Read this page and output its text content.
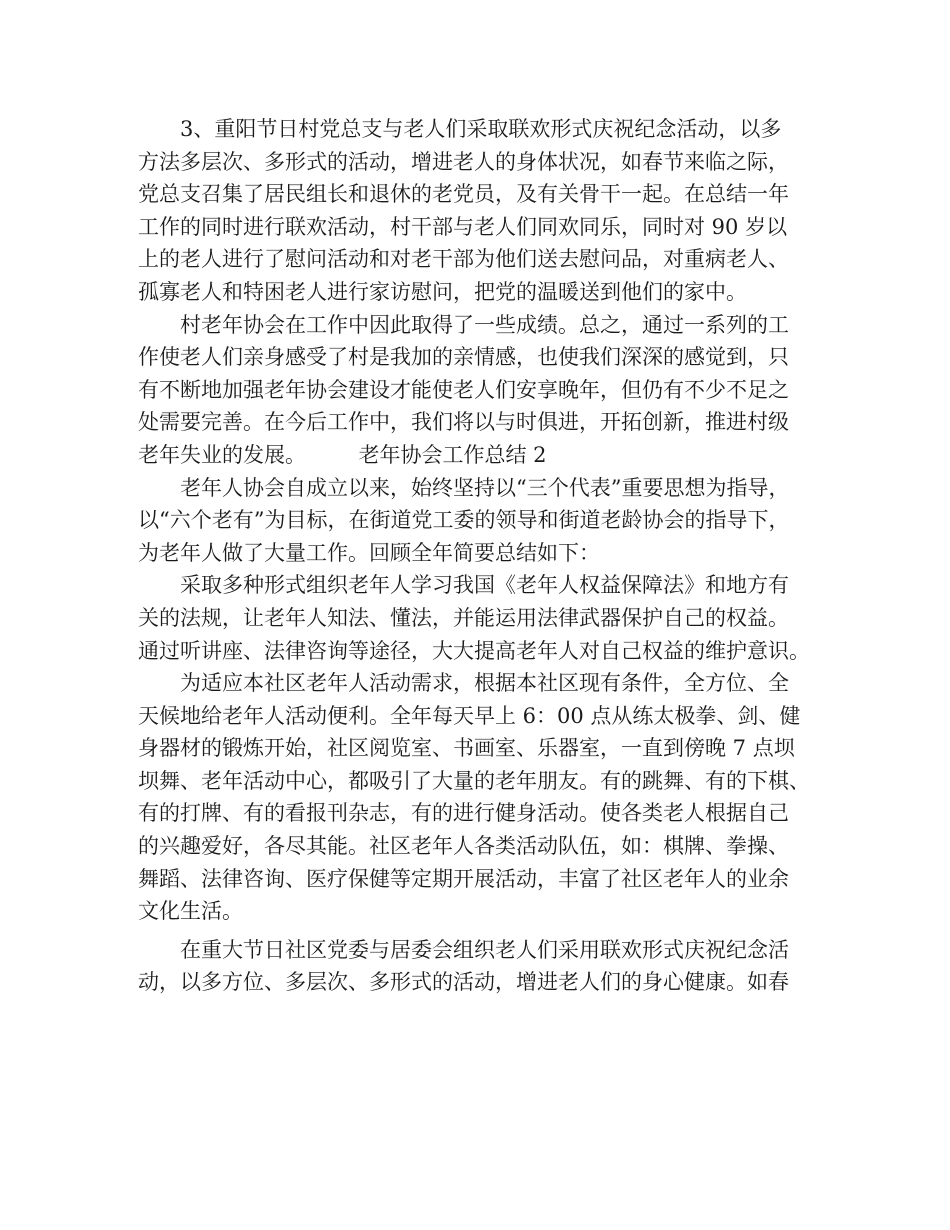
3、重阳节日村党总支与老人们采取联欢形式庆祝纪念活动，以多
方法多层次、多形式的活动，增进老人的身体状况，如春节来临之际，
党总支召集了居民组长和退休的老党员，及有关骨干一起。在总结一年
工作的同时进行联欢活动，村干部与老人们同欢同乐，同时对 90 岁以
上的老人进行了慰问活动和对老干部为他们送去慰问品，对重病老人、
孤寡老人和特困老人进行家访慰问，把党的温暖送到他们的家中。
村老年协会在工作中因此取得了一些成绩。总之，通过一系列的工
作使老人们亲身感受了村是我加的亲情感，也使我们深深的感觉到，只
有不断地加强老年协会建设才能使老人们安享晚年，但仍有不少不足之
处需要完善。在今后工作中，我们将以与时俱进，开拓创新，推进村级
老年失业的发展。　　　老年协会工作总结 2
老年人协会自成立以来，始终坚持以“三个代表”重要思想为指导，
以“六个老有”为目标，在街道党工委的领导和街道老龄协会的指导下，
为老年人做了大量工作。回顾全年简要总结如下：
采取多种形式组织老年人学习我国《老年人权益保障法》和地方有
关的法规，让老年人知法、懂法，并能运用法律武器保护自己的权益。
通过听讲座、法律咨询等途径，大大提高老年人对自己权益的维护意识。
为适应本社区老年人活动需求，根据本社区现有条件，全方位、全
天候地给老年人活动便利。全年每天早上 6：00 点从练太极拳、剑、健
身器材的锻炼开始，社区阅览室、书画室、乐器室，一直到傍晚 7 点坝
坝舞、老年活动中心，都吸引了大量的老年朋友。有的跳舞、有的下棋、
有的打牌、有的看报刊杂志，有的进行健身活动。使各类老人根据自己
的兴趣爱好，各尽其能。社区老年人各类活动队伍，如：棋牌、拳操、
舞蹈、法律咨询、医疗保健等定期开展活动，丰富了社区老年人的业余
文化生活。
在重大节日社区党委与居委会组织老人们采用联欢形式庆祝纪念活
动，以多方位、多层次、多形式的活动，增进老人们的身心健康。如春
